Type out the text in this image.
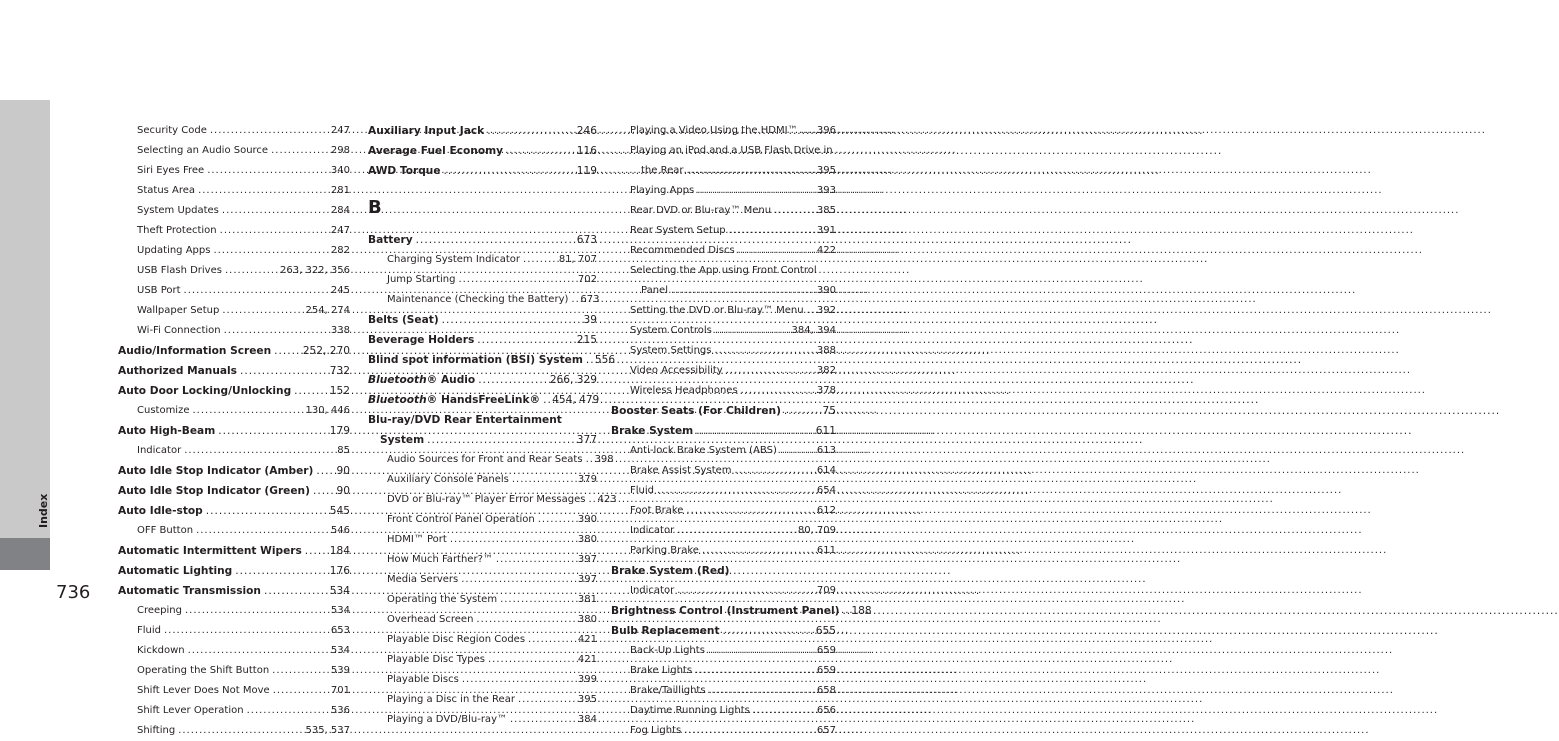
Index
736
Security Code .....	247
Selecting an Audio Source .....	298
Siri Eyes Free .....	340
Status Area .....	281
System Updates .....	284
Theft Protection .....	247
Updating Apps .....	282
USB Flash Drives .....	263, 322, 356
USB Port .....	245
Wallpaper Setup .....	254, 274
Wi-Fi Connection .....	338
Audio/Information Screen .....	252, 270
Authorized Manuals .....	732
Auto Door Locking/Unlocking .....	152
Customize .....	130, 446
Auto High-Beam .....	179
Indicator .....	85
Auto Idle Stop Indicator (Amber) ..... 90
Auto Idle Stop Indicator (Green) .....	90
Auto Idle-stop .....	545
OFF Button .....	546
Automatic Intermittent Wipers .....	184
Automatic Lighting .....	176
Automatic Transmission .....	534
Creeping .....	534
Fluid .....	653
Kickdown .....	534
Operating the Shift Button .....	539
Shift Lever Does Not Move .....	701
Shift Lever Operation .....	536
Shifting .....	535, 537
Auxiliary Input Jack .....	246
Average Fuel Economy .....	116
AWD Torque .....	119
B
Battery .....	673
Charging System Indicator .....	81, 707
Jump Starting .....	702
Maintenance (Checking the Battery) ..... 673
Belts (Seat) .....	39
Beverage Holders .....	215
Blind spot information (BSI) System ..... 556
Bluetooth® Audio .....	266, 329
Bluetooth® HandsFreeLink® ..... 454, 479
Blu-ray/DVD Rear Entertainment
System .....	377
Audio Sources for Front and Rear Seats ..... 398
Auxiliary Console Panels .....	379
DVD or Blu-ray™ Player Error Messages ..... 423
Front Control Panel Operation .....	390
HDMI™ Port .....	380
How Much Farther?™ .....	397
Media Servers .....	397
Operating the System .....	381
Overhead Screen .....	380
Playable Disc Region Codes .....	421
Playable Disc Types .....	421
Playable Discs .....	399
Playing a Disc in the Rear .....	395
Playing a DVD/Blu-ray™ .....	384
Playing a Video Using the HDMI™ ..... 396
Playing an iPod and a USB Flash Drive in
the Rear .....	395
Playing Apps .....	393
Rear DVD or Blu-ray™ Menu .....	385
Rear System Setup .....	391
Recommended Discs .....	422
Selecting the App using Front Control
Panel .....	390
Setting the DVD or Blu-ray™ Menu ..... 392
System Controls .....	384, 394
System Settings .....	388
Video Accessibility .....	382
Wireless Headphones .....	378
Booster Seats (For Children) .....	75
Brake System .....	611
Anti-lock Brake System (ABS) .....	613
Brake Assist System .....	614
Fluid .....	654
Foot Brake .....	612
Indicator .....	80, 709
Parking Brake .....	611
Brake System (Red)
Indicator .....	709
Brightness Control (Instrument Panel) ..... 188
Bulb Replacement .....	655
Back-Up Lights .....	659
Brake Lights .....	659
Brake/Taillights .....	658
Daytime Running Lights .....	656
Fog Lights .....	657
